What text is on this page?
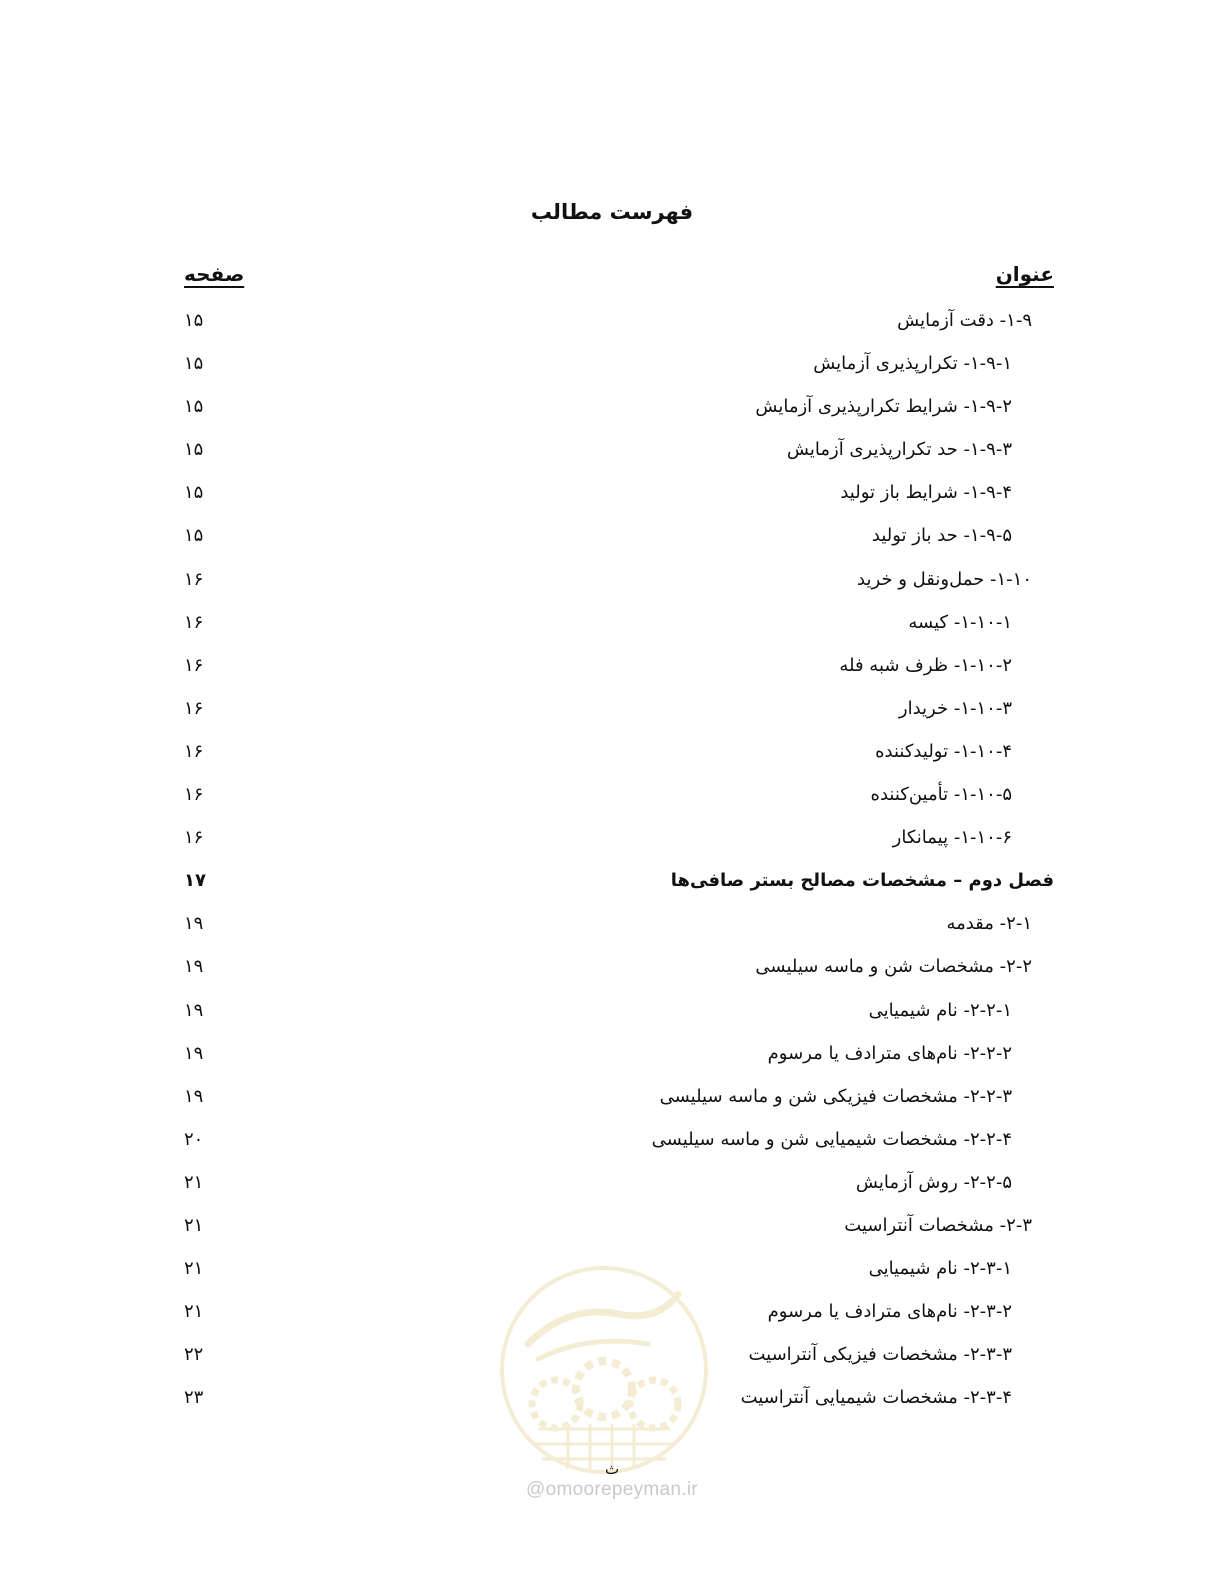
فهرست مطالب
عنوان
صفحه
۱-۹- دقت آزمایش
۱۵
۱-۹-۱- تکرارپذیری آزمایش
۱۵
۱-۹-۲- شرایط تکرارپذیری آزمایش
۱۵
۱-۹-۳- حد تکرارپذیری آزمایش
۱۵
۱-۹-۴- شرایط باز تولید
۱۵
۱-۹-۵- حد باز تولید
۱۵
۱-۱۰- حمل‌ونقل و خرید
۱۶
۱-۱۰-۱- کیسه
۱۶
۱-۱۰-۲- ظرف شبه فله
۱۶
۱-۱۰-۳- خریدار
۱۶
۱-۱۰-۴- تولیدکننده
۱۶
۱-۱۰-۵- تأمین‌کننده
۱۶
۱-۱۰-۶- پیمانکار
۱۶
فصل دوم – مشخصات مصالح بستر صافی‌ها
۱۷
۲-۱- مقدمه
۱۹
۲-۲- مشخصات شن و ماسه سیلیسی
۱۹
۲-۲-۱- نام شیمیایی
۱۹
۲-۲-۲- نام‌های مترادف یا مرسوم
۱۹
۲-۲-۳- مشخصات فیزیکی شن و ماسه سیلیسی
۱۹
۲-۲-۴- مشخصات شیمیایی شن و ماسه سیلیسی
۲۰
۲-۲-۵- روش آزمایش
۲۱
۲-۳- مشخصات آنتراسیت
۲۱
۲-۳-۱- نام شیمیایی
۲۱
۲-۳-۲- نام‌های مترادف یا مرسوم
۲۱
۲-۳-۳- مشخصات فیزیکی آنتراسیت
۲۲
۲-۳-۴- مشخصات شیمیایی آنتراسیت
۲۳
ث
@omoorepeyman.ir
